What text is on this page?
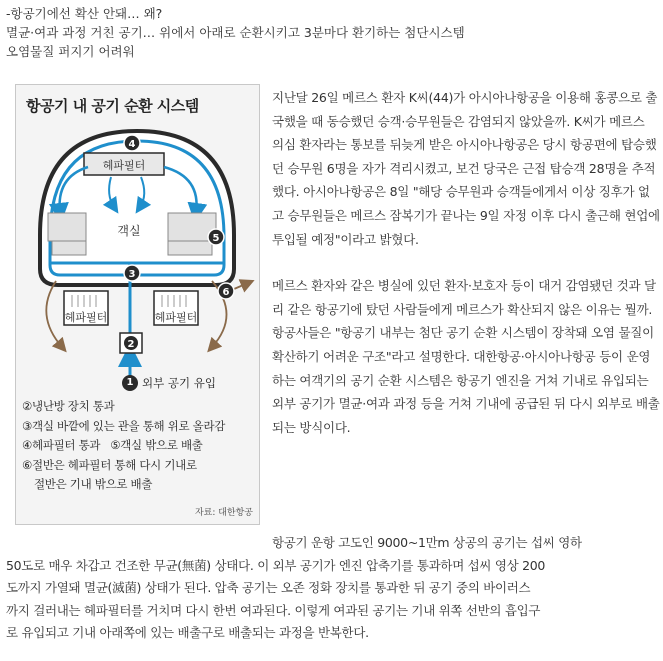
-항공기에선 확산 안돼… 왜?
멸균·여과 과정 거친 공기… 위에서 아래로 순환시키고 3분마다 환기하는 첨단시스템
오염물질 퍼지기 어려워
항공기 내 공기 순환 시스템
4
5
3
6
2
헤파필터
객실
헤파필터	헤파필터
1 외부 공기 유입
②냉난방 장치 통과
③객실 바깥에 있는 관을 통해 위로 올라감
④헤파필터 통과 ⑤객실 밖으로 배출
⑥절반은 헤파필터 통해 다시 기내로
절반은 기내 밖으로 배출
자료: 대한항공

지난달 26일 메르스 환자 K씨(44)가 아시아나항공을 이용해 홍콩으로 출국했을 때 동승했던 승객·승무원들은 감염되지 않았을까. K씨가 메르스 의심 환자라는 통보를 뒤늦게 받은 아시아나항공은 당시 항공편에 탑승했던 승무원 6명을 자가 격리시켰고, 보건 당국은 근접 탑승객 28명을 추적했다. 아시아나항공은 8일 "해당 승무원과 승객들에게서 이상 징후가 없고 승무원들은 메르스 잠복기가 끝나는 9일 자정 이후 다시 출근해 현업에 투입될 예정"이라고 밝혔다.

메르스 환자와 같은 병실에 있던 환자·보호자 등이 대거 감염됐던 것과 달리 같은 항공기에 탔던 사람들에게 메르스가 확산되지 않은 이유는 뭘까. 항공사들은 "항공기 내부는 첨단 공기 순환 시스템이 장착돼 오염 물질이 확산하기 어려운 구조"라고 설명한다. 대한항공·아시아나항공 등이 운영하는 여객기의 공기 순환 시스템은 항공기 엔진을 거쳐 기내로 유입되는 외부 공기가 멸균·여과 과정 등을 거쳐 기내에 공급된 뒤 다시 외부로 배출되는 방식이다.

항공기 운항 고도인 9000~1만m 상공의 공기는 섭씨 영하
50도로 매우 차갑고 건조한 무균(無菌) 상태다. 이 외부 공기가 엔진 압축기를 통과하며 섭씨 영상 200
도까지 가열돼 멸균(滅菌) 상태가 된다. 압축 공기는 오존 정화 장치를 통과한 뒤 공기 중의 바이러스
까지 걸러내는 헤파필터를 거치며 다시 한번 여과된다. 이렇게 여과된 공기는 기내 위쪽 선반의 흡입구
로 유입되고 기내 아래쪽에 있는 배출구로 배출되는 과정을 반복한다.
